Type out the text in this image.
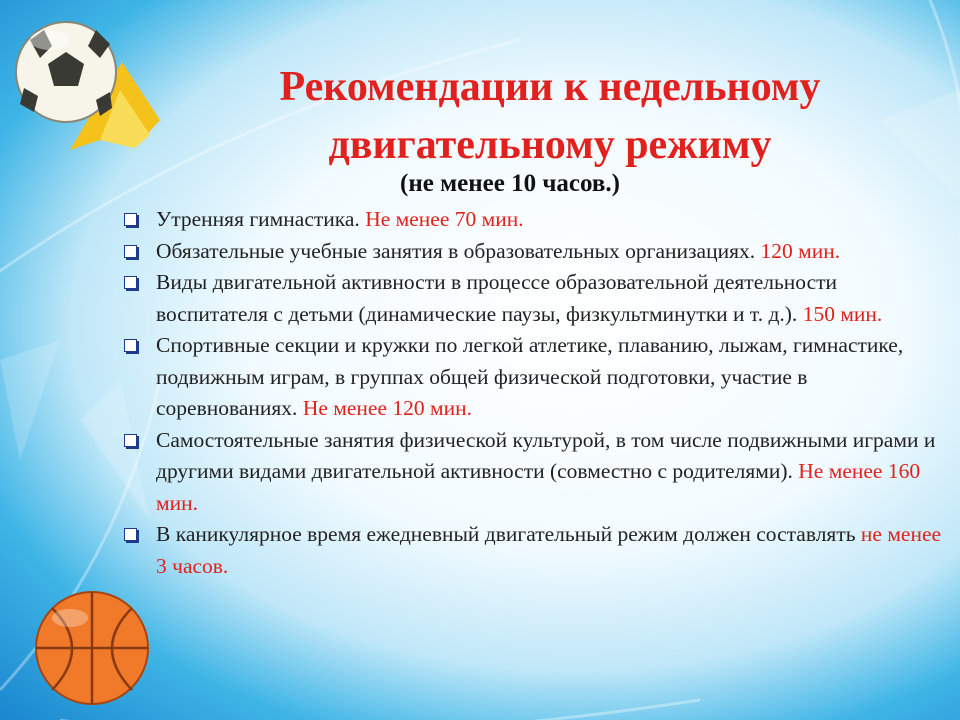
Рекомендации к недельному
двигательному режиму
(не менее 10 часов.)
Утренняя гимнастика. Не менее 70 мин.
Обязательные учебные занятия в образовательных организациях. 120 мин.
Виды двигательной активности в процессе образовательной деятельности воспитателя с детьми (динамические паузы, физкультминутки и т. д.). 150 мин.
Спортивные секции и кружки по легкой атлетике, плаванию, лыжам, гимнастике, подвижным играм, в группах общей физической подготовки, участие в соревнованиях. Не менее 120 мин.
Самостоятельные занятия физической культурой, в том числе подвижными играми и другими видами двигательной активности (совместно с родителями). Не менее 160 мин.
В каникулярное время ежедневный двигательный режим должен составлять не менее 3 часов.
